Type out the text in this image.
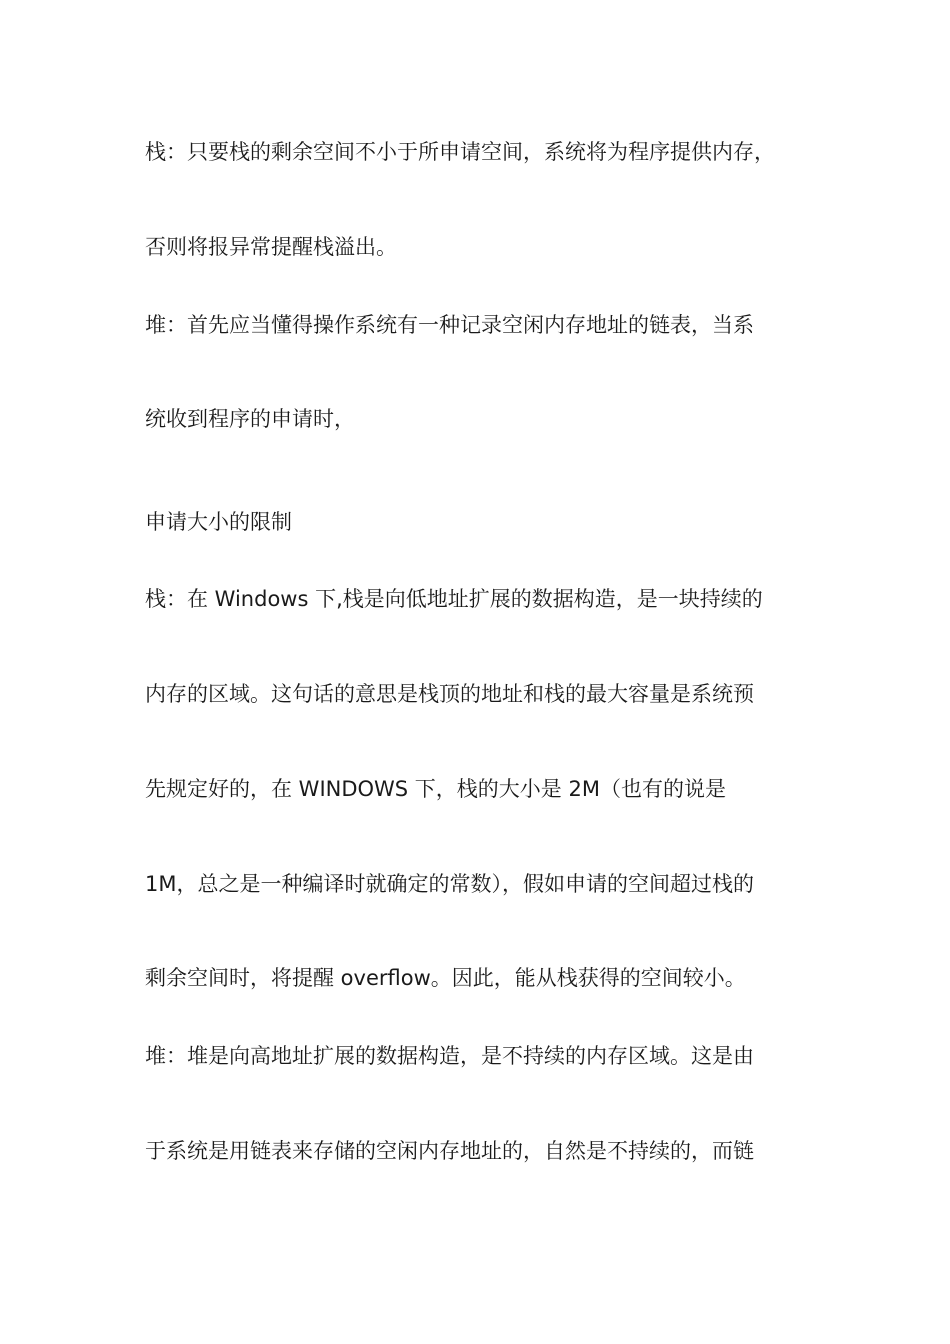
栈：只要栈的剩余空间不小于所申请空间，系统将为程序提供内存，
否则将报异常提醒栈溢出。
堆：首先应当懂得操作系统有一种记录空闲内存地址的链表，当系
统收到程序的申请时，
申请大小的限制
栈：在 Windows 下,栈是向低地址扩展的数据构造，是一块持续的
内存的区域。这句话的意思是栈顶的地址和栈的最大容量是系统预
先规定好的，在 WINDOWS 下，栈的大小是 2M（也有的说是
1M，总之是一种编译时就确定的常数），假如申请的空间超过栈的
剩余空间时，将提醒 overflow。因此，能从栈获得的空间较小。
堆：堆是向高地址扩展的数据构造，是不持续的内存区域。这是由
于系统是用链表来存储的空闲内存地址的，自然是不持续的，而链
